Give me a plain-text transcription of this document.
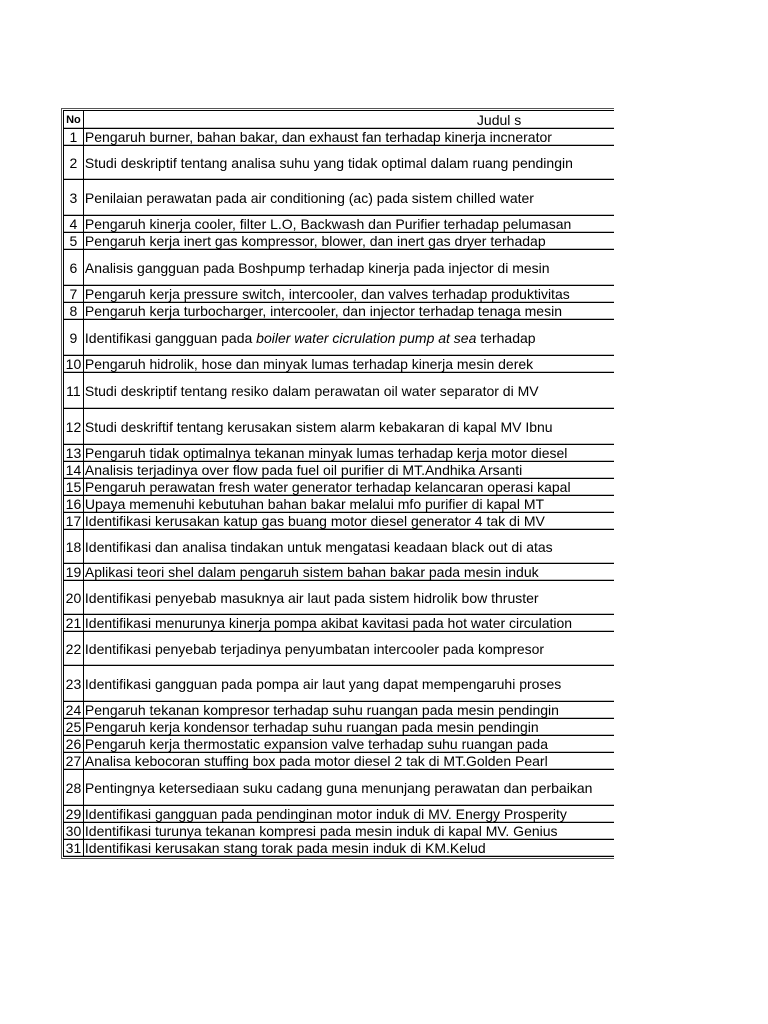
No	Judul s
1	Pengaruh burner, bahan bakar, dan exhaust fan terhadap kinerja incnerator
2	Studi deskriptif tentang analisa suhu yang tidak optimal dalam ruang pendingin
3	Penilaian perawatan pada air conditioning (ac) pada sistem chilled water
4	Pengaruh kinerja cooler, filter L.O, Backwash dan Purifier terhadap pelumasan
5	Pengaruh kerja inert gas kompressor, blower, dan inert gas dryer terhadap
6	Analisis gangguan pada Boshpump terhadap kinerja pada injector di mesin
7	Pengaruh kerja pressure switch, intercooler, dan valves terhadap produktivitas
8	Pengaruh kerja turbocharger, intercooler, dan injector terhadap tenaga mesin
9	Identifikasi gangguan pada boiler water cicrulation pump at sea terhadap
10	Pengaruh hidrolik, hose dan minyak lumas terhadap kinerja mesin derek
11	Studi deskriptif tentang resiko dalam perawatan oil water separator di MV
12	Studi deskriftif tentang kerusakan sistem alarm kebakaran di kapal MV Ibnu
13	Pengaruh tidak optimalnya tekanan minyak lumas terhadap kerja motor diesel
14	Analisis terjadinya over flow pada fuel oil purifier di MT.Andhika Arsanti
15	Pengaruh perawatan fresh water generator terhadap kelancaran operasi kapal
16	Upaya memenuhi kebutuhan bahan bakar melalui mfo purifier di kapal MT
17	Identifikasi kerusakan katup gas buang motor diesel generator 4 tak di MV
18	Identifikasi dan analisa tindakan untuk mengatasi keadaan black out di atas
19	Aplikasi teori shel dalam pengaruh sistem bahan bakar pada mesin induk
20	Identifikasi penyebab masuknya air laut pada sistem hidrolik bow thruster
21	Identifikasi menurunya kinerja pompa akibat kavitasi pada hot water circulation
22	Identifikasi penyebab terjadinya penyumbatan intercooler pada kompresor
23	Identifikasi gangguan pada pompa air laut yang dapat mempengaruhi proses
24	Pengaruh tekanan kompresor terhadap suhu ruangan pada mesin pendingin
25	Pengaruh kerja kondensor terhadap suhu ruangan pada mesin pendingin
26	Pengaruh kerja thermostatic expansion valve terhadap suhu ruangan pada
27	Analisa kebocoran stuffing box pada motor diesel 2 tak di MT.Golden Pearl
28	Pentingnya ketersediaan suku cadang guna menunjang perawatan dan perbaikan
29	Identifikasi gangguan pada pendinginan motor induk di MV. Energy Prosperity
30	Identifikasi turunya tekanan kompresi pada mesin induk di kapal MV. Genius
31	Identifikasi kerusakan stang torak pada mesin induk di KM.Kelud
